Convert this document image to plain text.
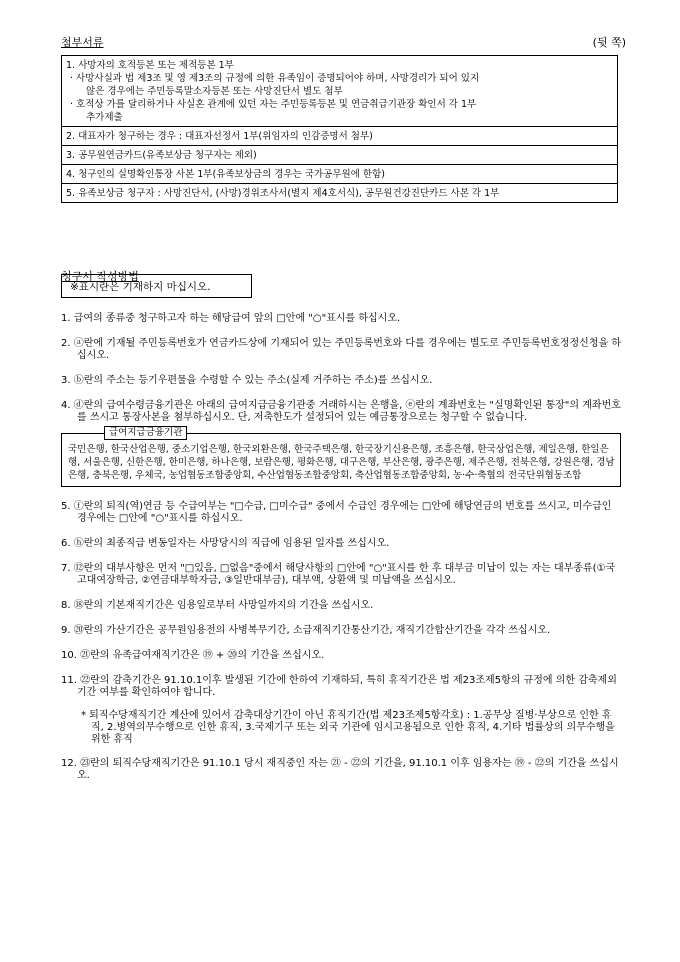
첨부서류	(뒷 쪽)
1. 사망자의 호적등본 또는 제적등본 1부
· 사망사실과 법 제3조 및 영 제3조의 규정에 의한 유족임이 증명되어야 하며, 사망경리가 되어 있지
않은 경우에는 주민등록말소자등본 또는 사망진단서 별도 첨부
· 호적상 가를 달리하거나 사실혼 관계에 있던 자는 주민등록등본 및 연금취급기관장 확인서 각 1부
추가제출
2. 대표자가 청구하는 경우 : 대표자선정서 1부(위임자의 인감증명서 첨부)
3. 공무원연금카드(유족보상금 청구자는 제외)
4. 청구인의 실명확인통장 사본 1부(유족보상금의 경우는 국가공무원에 한함)
5. 유족보상금 청구자 : 사망진단서, (사망)경위조사서(별지 제4호서식), 공무원건강진단카드 사본 각 1부
청구서 작성방법
※표시란은 기재하지 마십시오.
1. 급여의 종류중 청구하고자 하는 해당급여 앞의 □안에 "○"표시를 하십시오.
2. ⓐ란에 기재될 주민등록번호가 연금카드상에 기재되어 있는 주민등록번호와 다를 경우에는 별도로 주민등록번호정정신청을 하십시오.
3. ⓑ란의 주소는 등기우편물을 수령할 수 있는 주소(실제 거주하는 주소)를 쓰십시오.
4. ⓓ란의 급여수령금융기관은 아래의 급여지급금융기관중 거래하시는 은행을, ⓔ란의 계좌번호는 "실명확인된 통장"의 계좌번호를 쓰시고 통장사본을 첨부하십시오. 단, 저축한도가 설정되어 있는 예금통장으로는 청구할 수 없습니다.
국민은행, 한국산업은행, 중소기업은행, 한국외환은행, 한국주택은행, 한국장기신용은행, 조흥은행, 한국상업은행, 제일은행, 한일은행, 서울은행, 신한은행, 한미은행, 하나은행, 보람은행, 평화은행, 대구은행, 부산은행, 광주은행, 제주은행, 전북은행, 강원은행, 경남은행, 충북은행, 우체국, 농업협동조합중앙회, 수산업협동조합중앙회, 축산업협동조합중앙회, 농·수·축협의 전국단위협동조합
급여지급금융기관
5. ⓕ란의 퇴직(역)연금 등 수급여부는 "□수급, □미수급" 중에서 수급인 경우에는 □안에 해당연금의 번호를 쓰시고, 미수급인 경우에는 □안에 "○"표시를 하십시오.
6. ⓗ란의 최종직급 변동일자는 사망당시의 직급에 임용된 일자를 쓰십시오.
7. ⑫란의 대부사항은 먼저 "□있음, □없음"중에서 해당사항의 □안에 "○"표시를 한 후 대부금 미납이 있는 자는 대부종류(①국고대여장학금, ②연금대부학자금, ③일반대부금), 대부액, 상환액 및 미납액을 쓰십시오.
8. ⑱란의 기본재직기간은 임용일로부터 사망일까지의 기간을 쓰십시오.
9. ⑳란의 가산기간은 공무원임용전의 사병복무기간, 소급재직기간통산기간, 재직기간합산기간을 각각 쓰십시오.
10. ㉑란의 유족급여재직기간은 ⑲ + ⑳의 기간을 쓰십시오.
11. ㉒란의 감축기간은 91.10.1이후 발생된 기간에 한하여 기재하되, 특히 휴직기간은 법 제23조제5항의 규정에 의한 감축제외기간 여부를 확인하여야 합니다.
* 퇴직수당재직기간 계산에 있어서 감축대상기간이 아닌 휴직기간(법 제23조제5항각호) : 1.공무상 질병·부상으로 인한 휴직, 2.병역의무수행으로 인한 휴직, 3.국제기구 또는 외국 기관에 임시고용됨으로 인한 휴직, 4.기타 법률상의 의무수행을 위한 휴직
12. ㉓란의 퇴직수당재직기간은 91.10.1 당시 재직중인 자는 ㉑ - ㉒의 기간을, 91.10.1 이후 임용자는 ⑲ - ㉒의 기간을 쓰십시오.
